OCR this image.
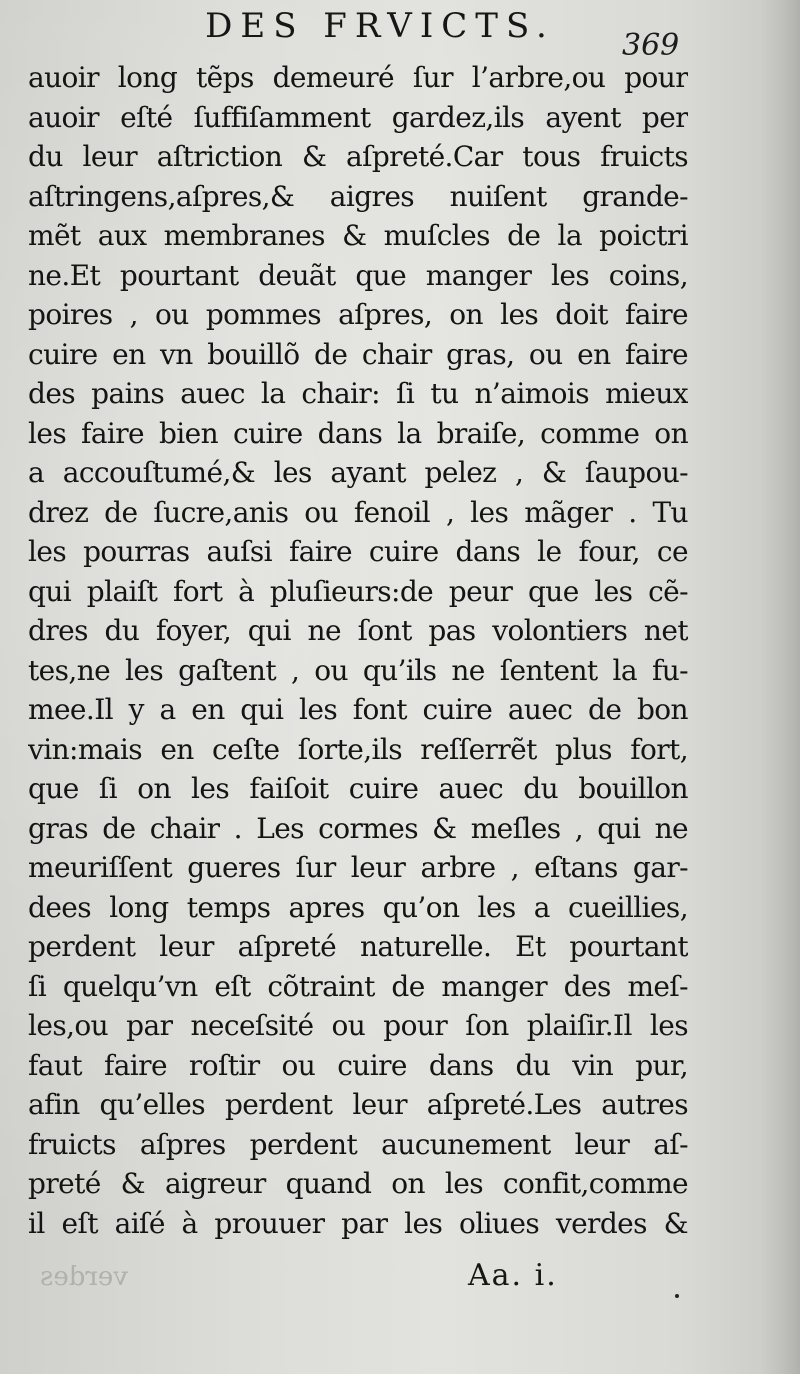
DES FRVICTS.	369
auoir long tẽps demeuré ſur l’arbre,ou pour
auoir eſté ſuffiſamment gardez,ils ayent per
du leur aſtriction & aſpreté.Car tous fruicts
aſtringens,aſpres,& aigres nuiſent grande-
mẽt aux membranes & muſcles de la poictri
ne.Et pourtant deuãt que manger les coins,
poires , ou pommes aſpres, on les doit faire
cuire en vn bouillõ de chair gras, ou en faire
des pains auec la chair: ſi tu n’aimois mieux
les faire bien cuire dans la braiſe, comme on
a accouſtumé,& les ayant pelez , & ſaupou-
drez de ſucre,anis ou fenoil , les mãger . Tu
les pourras auſsi faire cuire dans le four, ce
qui plaiſt fort à pluſieurs:de peur que les cẽ-
dres du foyer, qui ne ſont pas volontiers net
tes,ne les gaſtent , ou qu’ils ne ſentent la fu-
mee.Il y a en qui les font cuire auec de bon
vin:mais en ceſte ſorte,ils reſſerrẽt plus fort,
que ſi on les faiſoit cuire auec du bouillon
gras de chair . Les cormes & meſles , qui ne
meuriſſent gueres ſur leur arbre , eſtans gar-
dees long temps apres qu’on les a cueillies,
perdent leur aſpreté naturelle. Et pourtant
ſi quelqu’vn eſt cõtraint de manger des meſ-
les,ou par neceſsité ou pour ſon plaiſir.Il les
faut faire roſtir ou cuire dans du vin pur,
afin qu’elles perdent leur aſpreté.Les autres
fruicts aſpres perdent aucunement leur aſ-
preté & aigreur quand on les confit,comme
il eſt aiſé à prouuer par les oliues verdes &
verdes	Aa. i.
